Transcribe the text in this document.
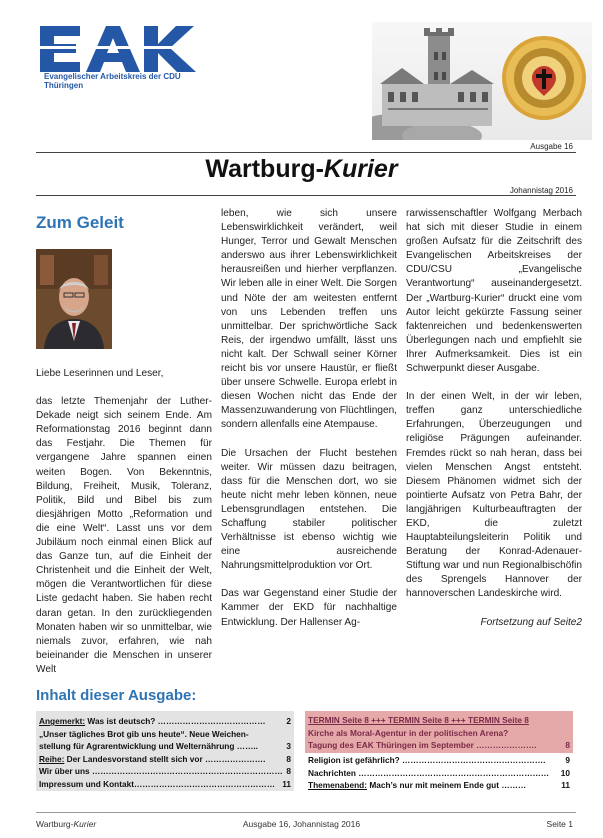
Evangelischer Arbeitskreis der CDU
Thüringen
Ausgabe 16
Wartburg-Kurier
Johannistag 2016
Zum Geleit

Liebe Leserinnen und Leser,

das letzte Themenjahr der Luther-Dekade neigt sich seinem Ende. Am Reformationstag 2016 beginnt dann das Festjahr. Die Themen für vergangene Jahre spannen einen weiten Bogen. Von Bekenntnis, Bildung, Freiheit, Musik, Toleranz, Politik, Bild und Bibel bis zum diesjährigen Motto „Reformation und die eine Welt“. Lasst uns vor dem Jubiläum noch einmal einen Blick auf das Ganze tun, auf die Einheit der Christenheit und die Einheit der Welt, mögen die Verantwortlichen für diese Liste gedacht haben. Sie haben recht daran getan. In den zurückliegenden Monaten haben wir so unmittelbar, wie niemals zuvor, erfahren, wie nah beieinander die Menschen in unserer Welt

leben, wie sich unsere Lebenswirklichkeit verändert, weil Hunger, Terror und Gewalt Menschen anderswo aus ihrer Lebenswirklichkeit herausreißen und hierher verpflanzen. Wir leben alle in einer Welt. Die Sorgen und Nöte der am weitesten entfernt von uns Lebenden treffen uns unmittelbar. Der sprichwörtliche Sack Reis, der irgendwo umfällt, lässt uns nicht kalt. Der Schwall seiner Körner reicht bis vor unsere Haustür, er fließt über unsere Schwelle. Europa erlebt in diesen Wochen nicht das Ende der Massenzuwanderung von Flüchtlingen, sondern allenfalls eine Atempause.

Die Ursachen der Flucht bestehen weiter. Wir müssen dazu beitragen, dass für die Menschen dort, wo sie heute nicht mehr leben können, neue Lebensgrundlagen entstehen. Die Schaffung stabiler politischer Verhältnisse ist ebenso wichtig wie eine ausreichende Nahrungsmittelproduktion vor Ort.

Das war Gegenstand einer Studie der Kammer der EKD für nachhaltige Entwicklung. Der Hallenser Ag-

rarwissenschaftler Wolfgang Merbach hat sich mit dieser Studie in einem großen Aufsatz für die Zeitschrift des Evangelischen Arbeitskreises der CDU/CSU „Evangelische Verantwortung“ auseinandergesetzt. Der „Wartburg-Kurier“ druckt eine vom Autor leicht gekürzte Fassung seiner faktenreichen und bedenkenswerten Überlegungen nach und empfiehlt sie Ihrer Aufmerksamkeit. Dies ist ein Schwerpunkt dieser Ausgabe.

In der einen Welt, in der wir leben, treffen ganz unterschiedliche Erfahrungen, Überzeugungen und religiöse Prägungen aufeinander. Fremdes rückt so nah heran, dass bei vielen Menschen Angst entsteht. Diesem Phänomen widmet sich der pointierte Aufsatz von Petra Bahr, der langjährigen Kulturbeauftragten der EKD, die zuletzt Hauptabteilungsleiterin Politik und Beratung der Konrad-Adenauer-Stiftung war und nun Regionalbischöfin des Sprengels Hannover der hannoverschen Landeskirche wird.

Fortsetzung auf Seite2

Inhalt dieser Ausgabe:
Angemerkt: Was ist deutsch? …………………………………	2
„Unser tägliches Brot gib uns heute“. Neue Weichen-
stellung für Agrarentwicklung und Welternährung ……..	3
Reihe: Der Landesvorstand stellt sich vor ………………….	8
Wir über uns …………………………………………………………… 8
Impressum und Kontakt…………………………………………… 11
TERMIN Seite 8 +++ TERMIN Seite 8 +++ TERMIN Seite 8
Kirche als Moral-Agentur in der politischen Arena?
Tagung des EAK Thüringen im September ………………….	8
Religion ist gefährlich? ……………………………………………. 9
Nachrichten …………………………………………………………… 10
Themenabend: Mach’s nur mit meinem Ende gut ………	11
Wartburg-Kurier	Ausgabe 16, Johannistag 2016	Seite 1
